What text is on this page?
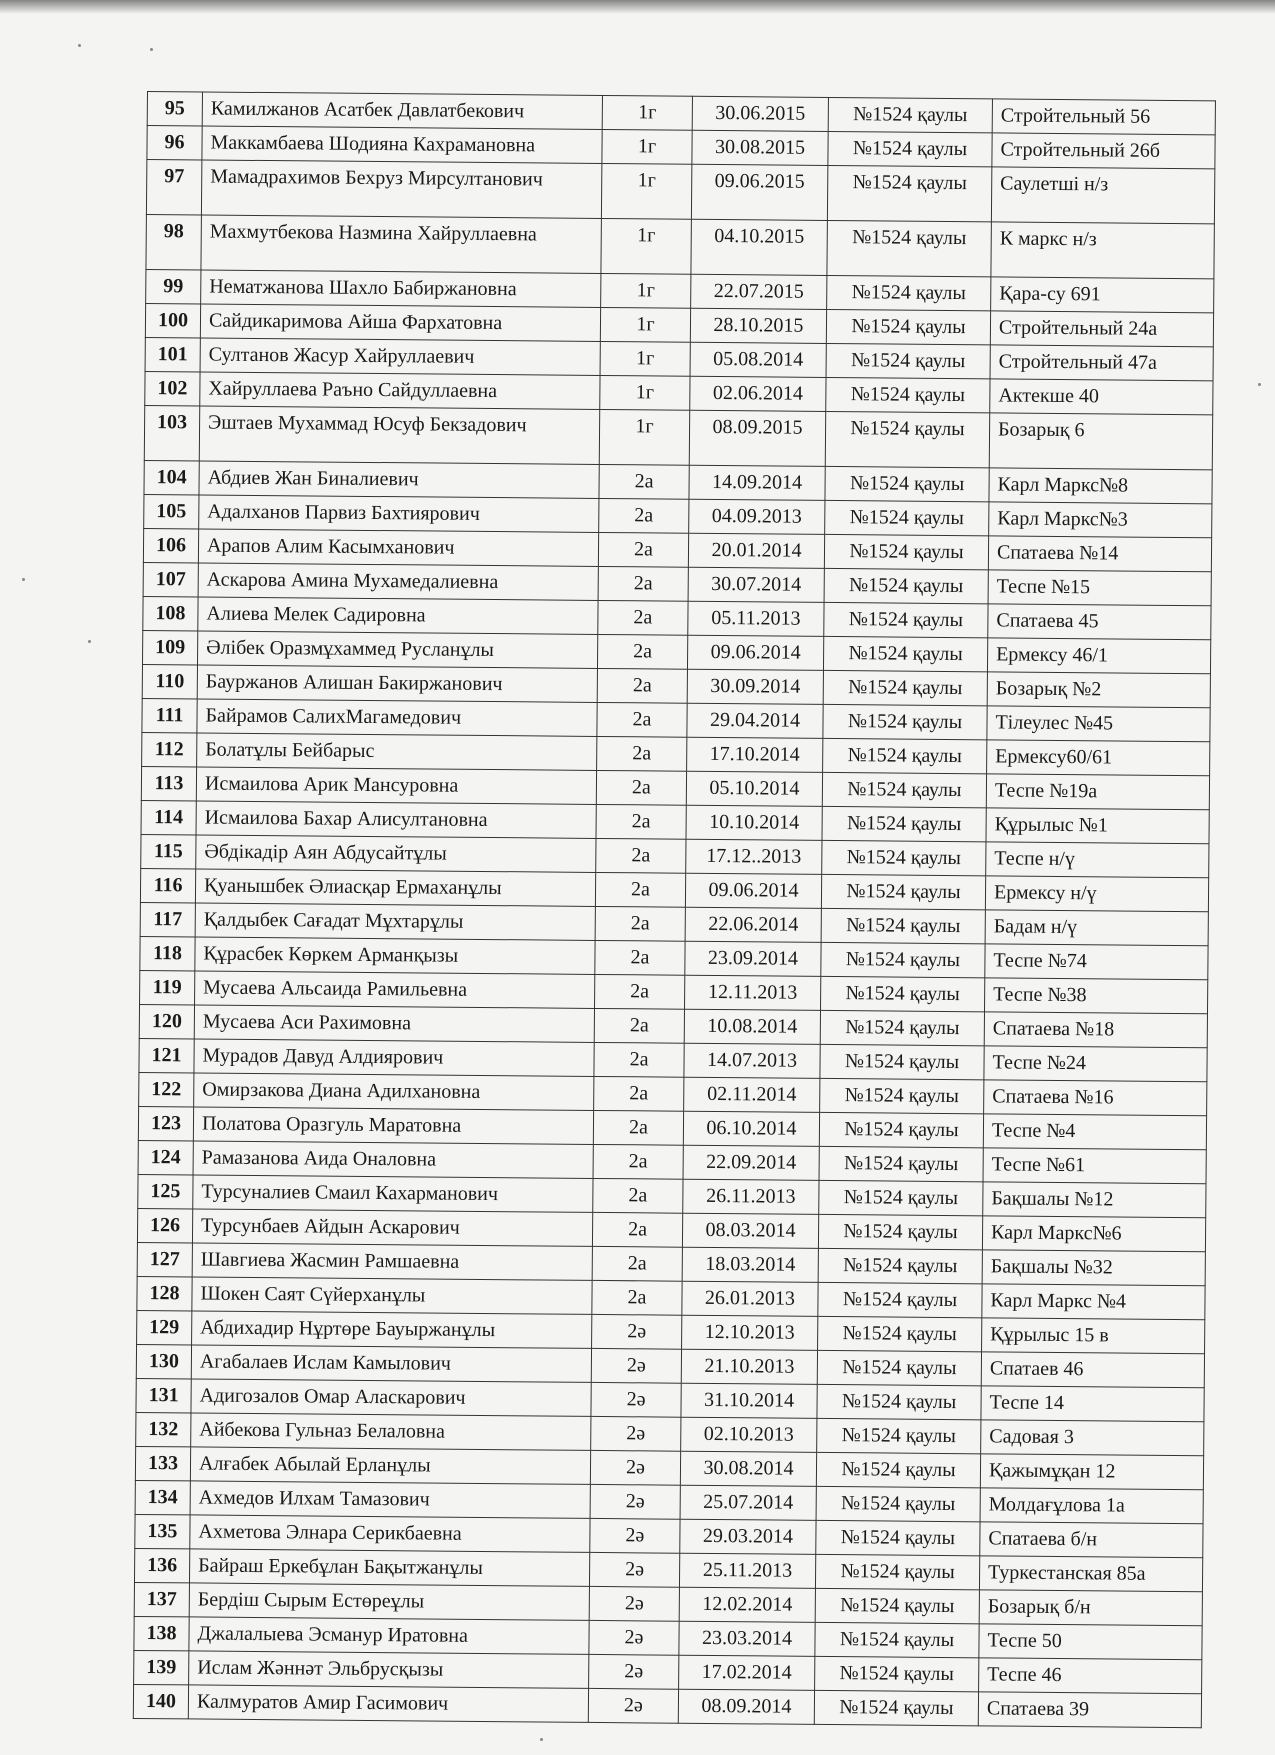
95	Камилжанов Асатбек Давлатбекович	1г	30.06.2015	№1524 қаулы	Стройтельный 56
96	Маккамбаева Шодияна Кахрамановна	1г	30.08.2015	№1524 қаулы	Стройтельный 26б
97	Мамадрахимов Бехруз Мирсултанович	1г	09.06.2015	№1524 қаулы	Саулетші н/з
98	Махмутбекова Назмина Хайруллаевна	1г	04.10.2015	№1524 қаулы	К маркс н/з
99	Нематжанова Шахло Бабиржановна	1г	22.07.2015	№1524 қаулы	Қара-су 691
100	Сайдикаримова Айша Фархатовна	1г	28.10.2015	№1524 қаулы	Стройтельный 24а
101	Султанов Жасур Хайруллаевич	1г	05.08.2014	№1524 қаулы	Стройтельный 47а
102	Хайруллаева Раъно Сайдуллаевна	1г	02.06.2014	№1524 қаулы	Актекше 40
103	Эштаев Мухаммад Юсуф Бекзадович	1г	08.09.2015	№1524 қаулы	Бозарық 6
104	Абдиев Жан Биналиевич	2а	14.09.2014	№1524 қаулы	Карл Маркс№8
105	Адалханов Парвиз Бахтиярович	2а	04.09.2013	№1524 қаулы	Карл Маркс№3
106	Арапов Алим Касымханович	2а	20.01.2014	№1524 қаулы	Спатаева №14
107	Аскарова Амина Мухамедалиевна	2а	30.07.2014	№1524 қаулы	Теспе №15
108	Алиева Мелек Садировна	2а	05.11.2013	№1524 қаулы	Спатаева 45
109	Әлібек Оразмұхаммед Русланұлы	2а	09.06.2014	№1524 қаулы	Ермексу 46/1
110	Бауржанов Алишан Бакиржанович	2а	30.09.2014	№1524 қаулы	Бозарық №2
111	Байрамов СалихМагамедович	2а	29.04.2014	№1524 қаулы	Тілеулес №45
112	Болатұлы Бейбарыс	2а	17.10.2014	№1524 қаулы	Ермексу60/61
113	Исмаилова Арик Мансуровна	2а	05.10.2014	№1524 қаулы	Теспе №19а
114	Исмаилова Бахар Алисултановна	2а	10.10.2014	№1524 қаулы	Құрылыс №1
115	Әбдікадір Аян Абдусайтұлы	2а	17.12..2013	№1524 қаулы	Теспе н/ү
116	Қуанышбек Әлиасқар Ермаханұлы	2а	09.06.2014	№1524 қаулы	Ермексу н/ү
117	Қалдыбек Сағадат Мұхтарұлы	2а	22.06.2014	№1524 қаулы	Бадам н/ү
118	Құрасбек Көркем Арманқызы	2а	23.09.2014	№1524 қаулы	Теспе №74
119	Мусаева Альсаида Рамильевна	2а	12.11.2013	№1524 қаулы	Теспе №38
120	Мусаева Аси Рахимовна	2а	10.08.2014	№1524 қаулы	Спатаева №18
121	Мурадов Давуд Алдиярович	2а	14.07.2013	№1524 қаулы	Теспе №24
122	Омирзакова Диана Адилхановна	2а	02.11.2014	№1524 қаулы	Спатаева №16
123	Полатова Оразгуль Маратовна	2а	06.10.2014	№1524 қаулы	Теспе №4
124	Рамазанова Аида Оналовна	2а	22.09.2014	№1524 қаулы	Теспе №61
125	Турсуналиев Смаил Кахарманович	2а	26.11.2013	№1524 қаулы	Бақшалы №12
126	Турсунбаев Айдын Аскарович	2а	08.03.2014	№1524 қаулы	Карл Маркс№6
127	Шавгиева Жасмин Рамшаевна	2а	18.03.2014	№1524 қаулы	Бақшалы №32
128	Шокен Саят Сүйерханұлы	2а	26.01.2013	№1524 қаулы	Карл Маркс №4
129	Абдихадир Нұртөре Бауыржанұлы	2ә	12.10.2013	№1524 қаулы	Құрылыс 15 в
130	Агабалаев Ислам Камылович	2ә	21.10.2013	№1524 қаулы	Спатаев 46
131	Адигозалов Омар Аласкарович	2ә	31.10.2014	№1524 қаулы	Теспе 14
132	Айбекова Гульназ Белаловна	2ә	02.10.2013	№1524 қаулы	Садовая 3
133	Алғабек Абылай Ерланұлы	2ә	30.08.2014	№1524 қаулы	Қажымұқан 12
134	Ахмедов Илхам Тамазович	2ә	25.07.2014	№1524 қаулы	Молдағұлова 1а
135	Ахметова Элнара Серикбаевна	2ә	29.03.2014	№1524 қаулы	Спатаева б/н
136	Байраш Еркебұлан Бақытжанұлы	2ә	25.11.2013	№1524 қаулы	Туркестанская 85а
137	Бердіш Сырым Естөреұлы	2ә	12.02.2014	№1524 қаулы	Бозарық б/н
138	Джалалыева Эсманур Иратовна	2ә	23.03.2014	№1524 қаулы	Теспе 50
139	Ислам Жәннәт Эльбрусқызы	2ә	17.02.2014	№1524 қаулы	Теспе 46
140	Калмуратов Амир Гасимович	2ә	08.09.2014	№1524 қаулы	Спатаева 39
